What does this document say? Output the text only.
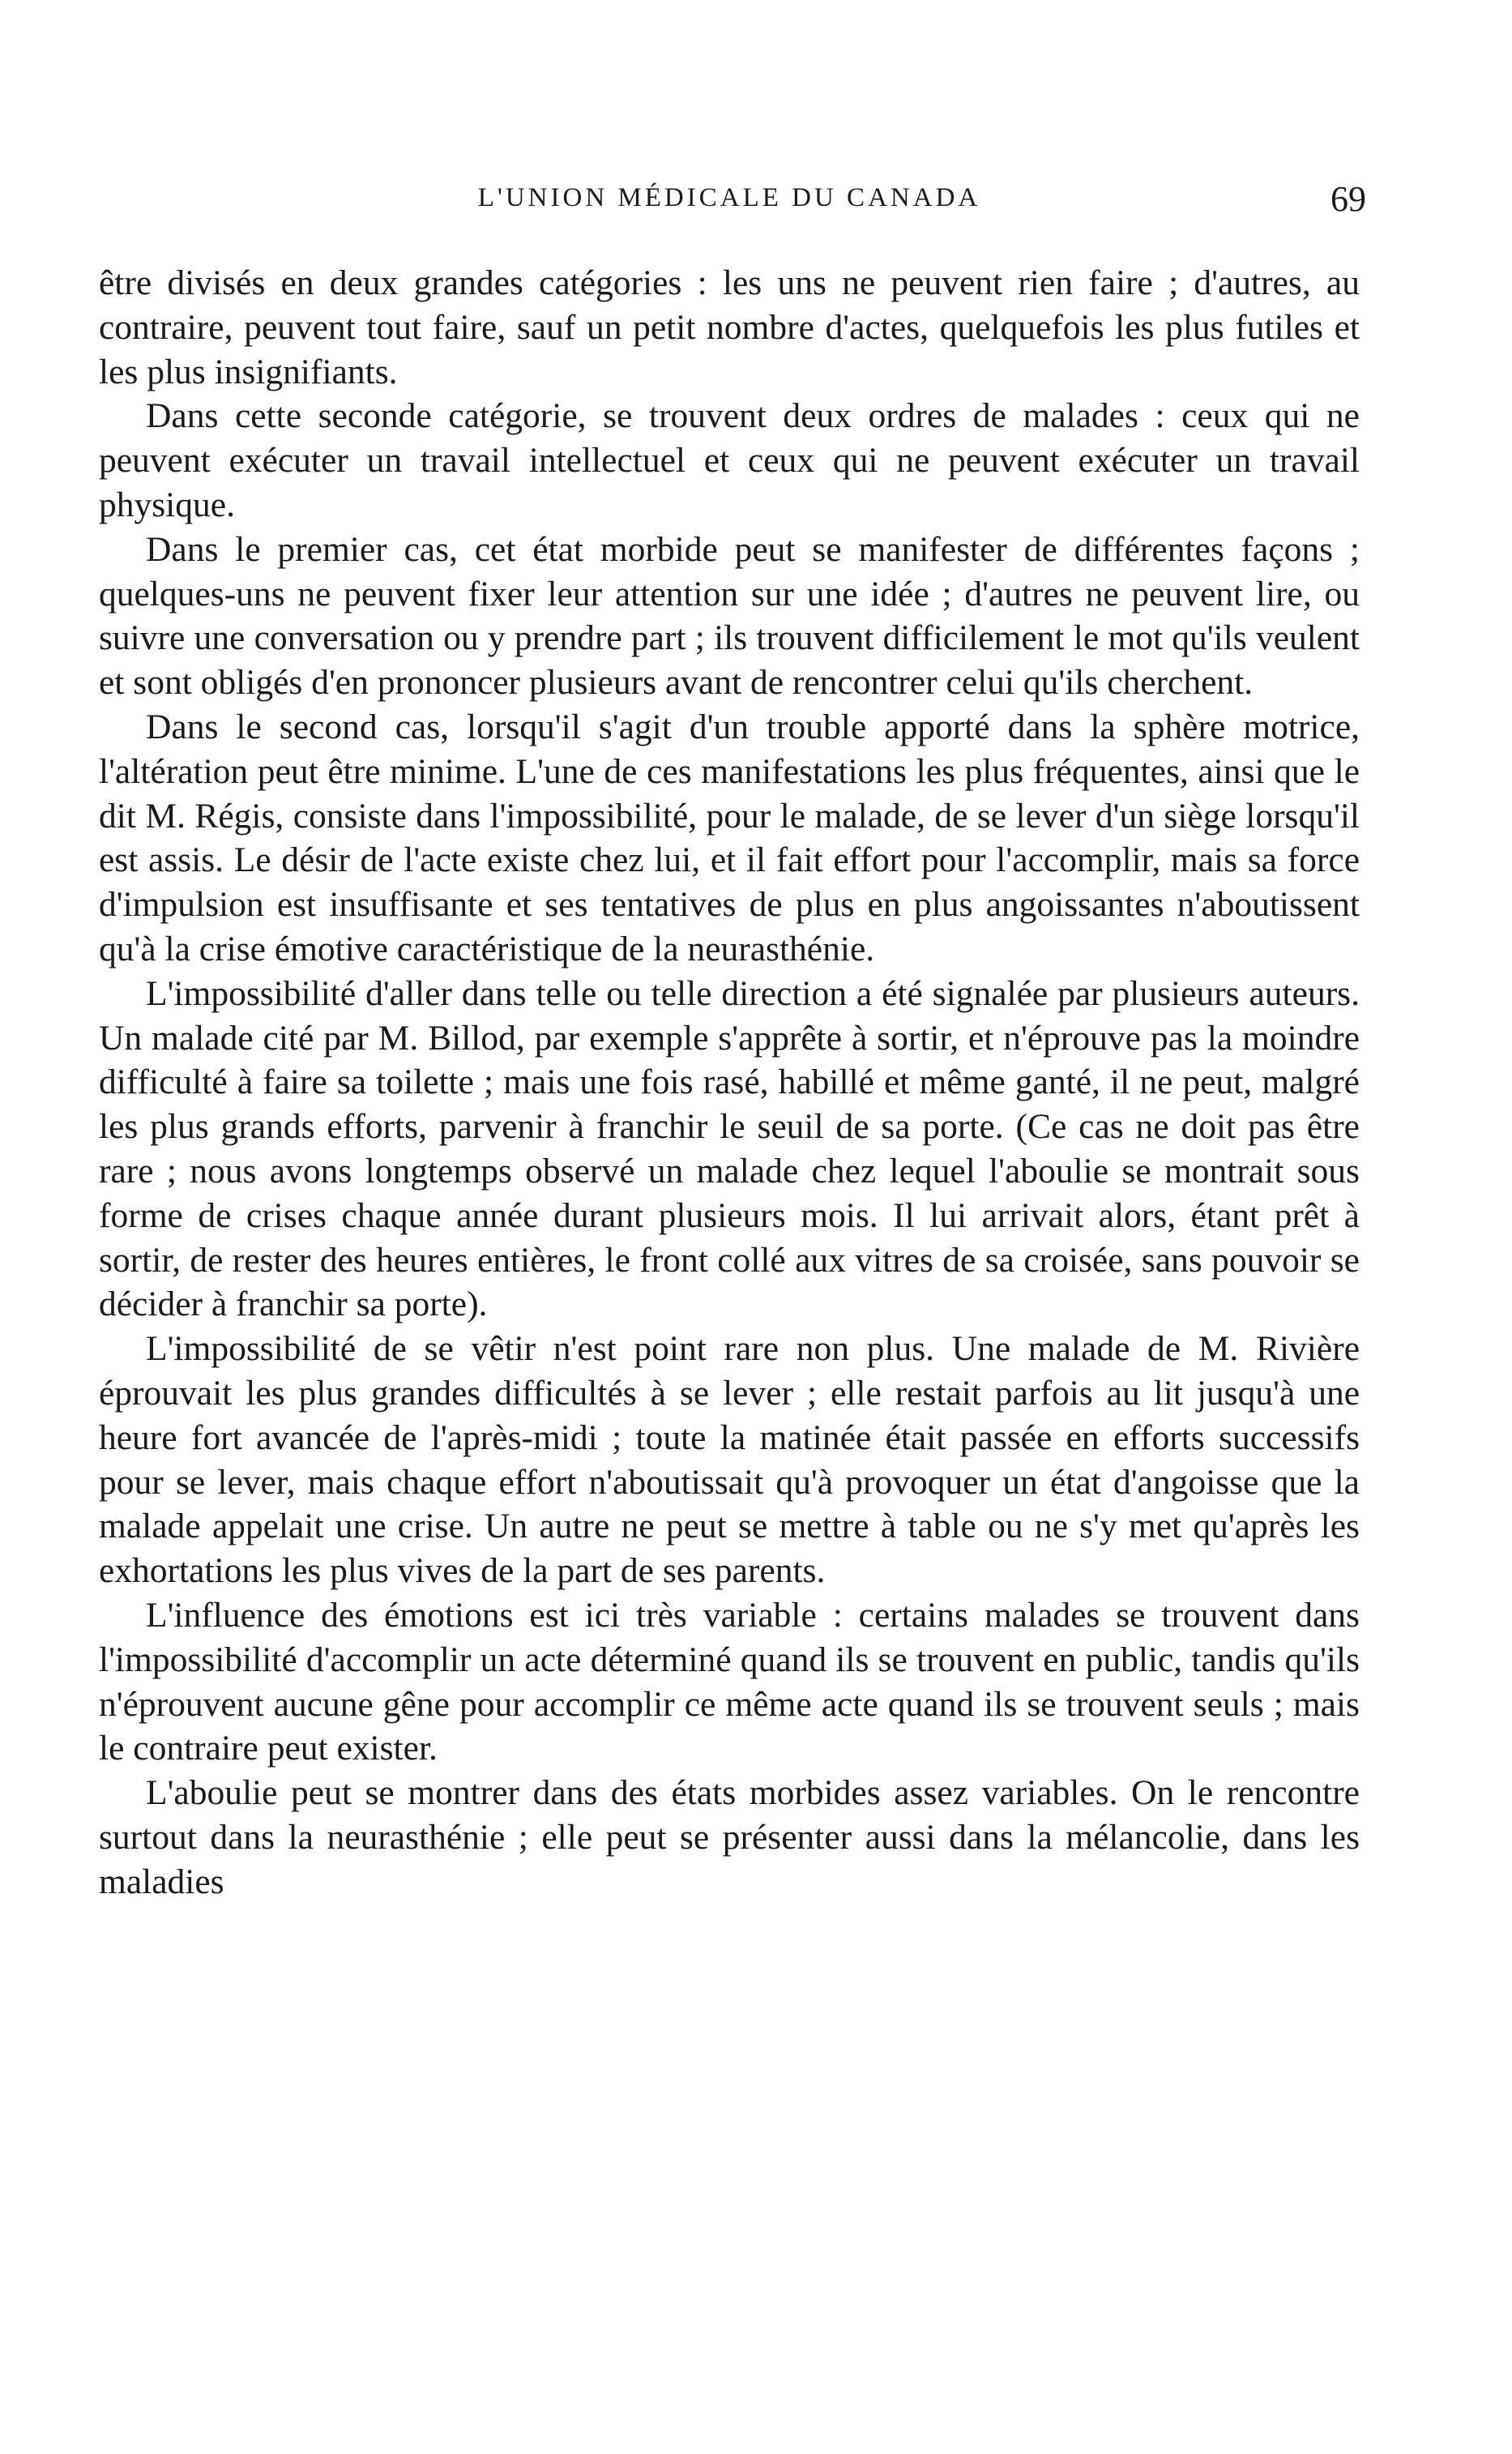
L'UNION MÉDICALE DU CANADA	69

être divisés en deux grandes catégories : les uns ne peuvent rien faire ; d'autres, au contraire, peuvent tout faire, sauf un petit nombre d'actes, quelquefois les plus futiles et les plus insignifiants.

Dans cette seconde catégorie, se trouvent deux ordres de malades : ceux qui ne peuvent exécuter un travail intellectuel et ceux qui ne peuvent exécuter un travail physique.

Dans le premier cas, cet état morbide peut se manifester de différentes façons ; quelques-uns ne peuvent fixer leur attention sur une idée ; d'autres ne peuvent lire, ou suivre une conversation ou y prendre part ; ils trouvent difficilement le mot qu'ils veulent et sont obligés d'en prononcer plusieurs avant de rencontrer celui qu'ils cherchent.

Dans le second cas, lorsqu'il s'agit d'un trouble apporté dans la sphère motrice, l'altération peut être minime. L'une de ces manifestations les plus fréquentes, ainsi que le dit M. Régis, consiste dans l'impossibilité, pour le malade, de se lever d'un siège lorsqu'il est assis. Le désir de l'acte existe chez lui, et il fait effort pour l'accomplir, mais sa force d'impulsion est insuffisante et ses tentatives de plus en plus angoissantes n'aboutissent qu'à la crise émotive caractéristique de la neurasthénie.

L'impossibilité d'aller dans telle ou telle direction a été signalée par plusieurs auteurs. Un malade cité par M. Billod, par exemple s'apprête à sortir, et n'éprouve pas la moindre difficulté à faire sa toilette ; mais une fois rasé, habillé et même ganté, il ne peut, malgré les plus grands efforts, parvenir à franchir le seuil de sa porte. (Ce cas ne doit pas être rare ; nous avons longtemps observé un malade chez lequel l'aboulie se montrait sous forme de crises chaque année durant plusieurs mois. Il lui arrivait alors, étant prêt à sortir, de rester des heures entières, le front collé aux vitres de sa croisée, sans pouvoir se décider à franchir sa porte).

L'impossibilité de se vêtir n'est point rare non plus. Une malade de M. Rivière éprouvait les plus grandes difficultés à se lever ; elle restait parfois au lit jusqu'à une heure fort avancée de l'après-midi ; toute la matinée était passée en efforts successifs pour se lever, mais chaque effort n'aboutissait qu'à provoquer un état d'angoisse que la malade appelait une crise. Un autre ne peut se mettre à table ou ne s'y met qu'après les exhortations les plus vives de la part de ses parents.

L'influence des émotions est ici très variable : certains malades se trouvent dans l'impossibilité d'accomplir un acte déterminé quand ils se trouvent en public, tandis qu'ils n'éprouvent aucune gêne pour accomplir ce même acte quand ils se trouvent seuls ; mais le contraire peut exister.

L'aboulie peut se montrer dans des états morbides assez variables. On le rencontre surtout dans la neurasthénie ; elle peut se présenter aussi dans la mélancolie, dans les maladies
